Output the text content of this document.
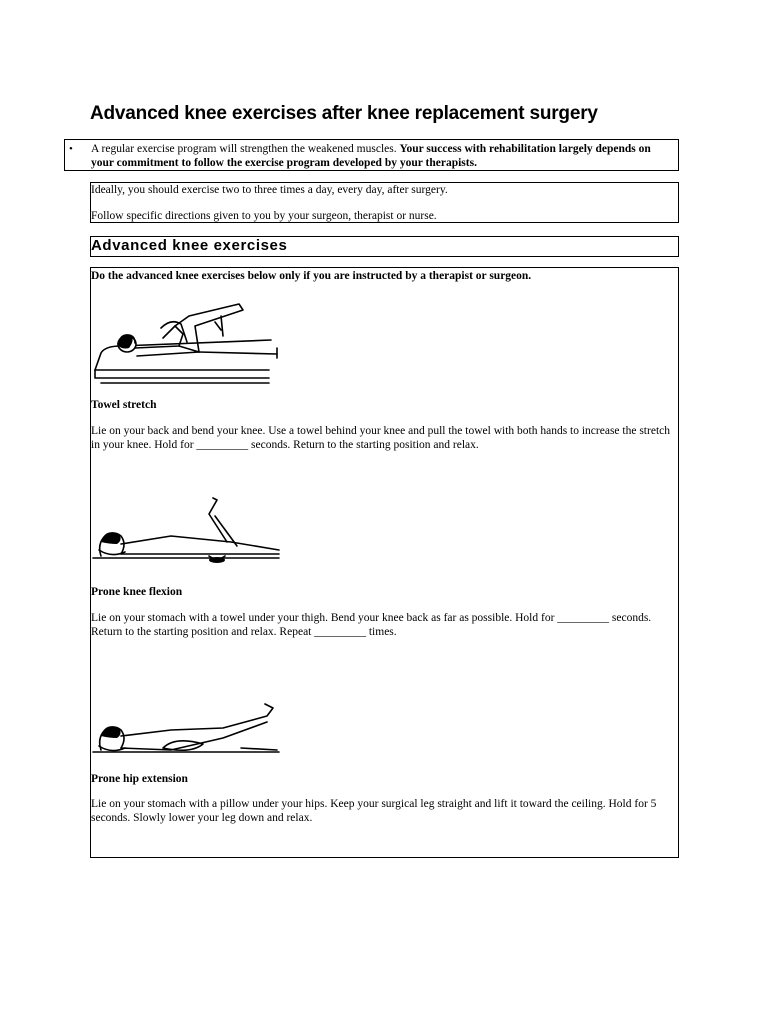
Advanced knee exercises after knee replacement surgery
• A regular exercise program will strengthen the weakened muscles. Your success with rehabilitation largely depends on your commitment to follow the exercise program developed by your therapists.

Ideally, you should exercise two to three times a day, every day, after surgery.

Follow specific directions given to you by your surgeon, therapist or nurse.

Advanced knee exercises

Do the advanced knee exercises below only if you are instructed by a therapist or surgeon.

Towel stretch

Lie on your back and bend your knee. Use a towel behind your knee and pull the towel with both hands to increase the stretch in your knee. Hold for _________ seconds. Return to the starting position and relax.

Prone knee flexion

Lie on your stomach with a towel under your thigh. Bend your knee back as far as possible. Hold for _________ seconds. Return to the starting position and relax. Repeat _________ times.

Prone hip extension

Lie on your stomach with a pillow under your hips. Keep your surgical leg straight and lift it toward the ceiling. Hold for 5 seconds. Slowly lower your leg down and relax.
